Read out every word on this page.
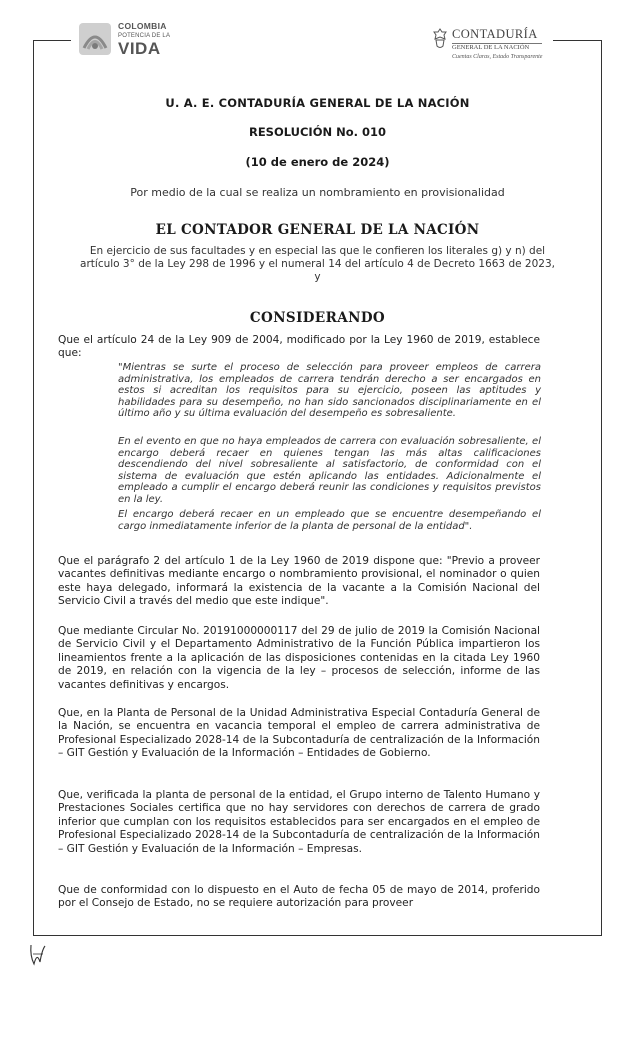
COLOMBIA
POTENCIA DE LA
VIDA
CONTADURÍA
GENERAL DE LA NACIÓN
Cuentas Claras, Estado Transparente
U. A. E. CONTADURÍA GENERAL DE LA NACIÓN
RESOLUCIÓN No. 010
(10 de enero de 2024)
Por medio de la cual se realiza un nombramiento en provisionalidad
EL CONTADOR GENERAL DE LA NACIÓN
En ejercicio de sus facultades y en especial las que le confieren los literales g) y n) del artículo 3° de la Ley 298 de 1996 y el numeral 14 del artículo 4 de Decreto 1663 de 2023, y
CONSIDERANDO
Que el artículo 24 de la Ley 909 de 2004, modificado por la Ley 1960 de 2019, establece que:
"Mientras se surte el proceso de selección para proveer empleos de carrera administrativa, los empleados de carrera tendrán derecho a ser encargados en estos si acreditan los requisitos para su ejercicio, poseen las aptitudes y habilidades para su desempeño, no han sido sancionados disciplinariamente en el último año y su última evaluación del desempeño es sobresaliente.
En el evento en que no haya empleados de carrera con evaluación sobresaliente, el encargo deberá recaer en quienes tengan las más altas calificaciones descendiendo del nivel sobresaliente al satisfactorio, de conformidad con el sistema de evaluación que estén aplicando las entidades. Adicionalmente el empleado a cumplir el encargo deberá reunir las condiciones y requisitos previstos en la ley.
El encargo deberá recaer en un empleado que se encuentre desempeñando el cargo inmediatamente inferior de la planta de personal de la entidad".
Que el parágrafo 2 del artículo 1 de la Ley 1960 de 2019 dispone que: "Previo a proveer vacantes definitivas mediante encargo o nombramiento provisional, el nominador o quien este haya delegado, informará la existencia de la vacante a la Comisión Nacional del Servicio Civil a través del medio que este indique".
Que mediante Circular No. 20191000000117 del 29 de julio de 2019 la Comisión Nacional de Servicio Civil y el Departamento Administrativo de la Función Pública impartieron los lineamientos frente a la aplicación de las disposiciones contenidas en la citada Ley 1960 de 2019, en relación con la vigencia de la ley – procesos de selección, informe de las vacantes definitivas y encargos.
Que, en la Planta de Personal de la Unidad Administrativa Especial Contaduría General de la Nación, se encuentra en vacancia temporal el empleo de carrera administrativa de Profesional Especializado 2028-14 de la Subcontaduría de centralización de la Información – GIT Gestión y Evaluación de la Información – Entidades de Gobierno.
Que, verificada la planta de personal de la entidad, el Grupo interno de Talento Humano y Prestaciones Sociales certifica que no hay servidores con derechos de carrera de grado inferior que cumplan con los requisitos establecidos para ser encargados en el empleo de Profesional Especializado 2028-14 de la Subcontaduría de centralización de la Información – GIT Gestión y Evaluación de la Información – Empresas.
Que de conformidad con lo dispuesto en el Auto de fecha 05 de mayo de 2014, proferido por el Consejo de Estado, no se requiere autorización para proveer
